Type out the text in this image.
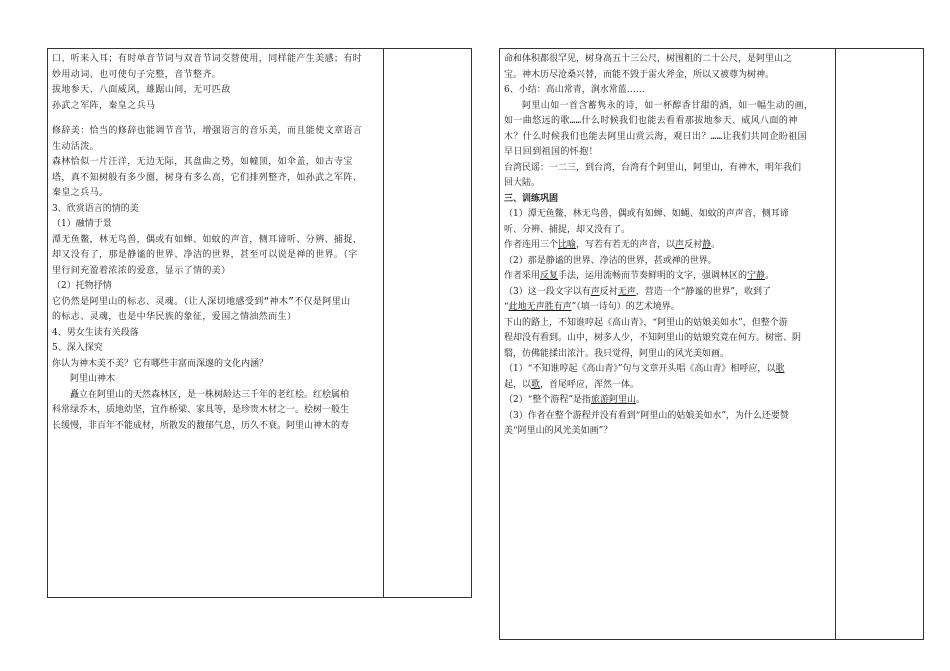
口、听来入耳；有时单音节词与双音节词交替使用，同样能产生美感；有时

妙用动词、也可使句子完整，音节整齐。

拔地参天、八面威风，雄踞山间，无可匹敌

孙武之军阵，秦皇之兵马

修辞美：恰当的修辞也能调节音节，增强语言的音乐美，而且能使文章语言

生动活泼。

森林恰似一片汪洋，无边无际，其盘曲之势，如幢顶，如伞盖，如古寺宝

塔，真不知树般有多少圈，树身有多么高，它们排列整齐，如孙武之军阵、

秦皇之兵马。

3、欣赏语言的情的美

（1）融情于景

潭无鱼鳖，林无鸟兽，偶或有如蝉、如蚊的声音，侧耳谛听、分辨、捕捉，

却又没有了，那是静谧的世界、净洁的世界，甚至可以说是禅的世界。（字

里行间充盈着浓浓的爱意，显示了情的美）

（2）托物抒情

它仍然是阿里山的标志、灵魂。（让人深切地感受到“神木”不仅是阿里山

的标志、灵魂，也是中华民族的象征，爱国之情油然而生）

4、男女生读有关段落

5、深入探究

你认为神木美不美？它有哪些丰富而深邃的文化内涵？

阿里山神木

矗立在阿里山的天然森林区，是一株树龄达三千年的老红桧。红桧属柏

科常绿乔木，质地幼坚，宜作桥梁、家具等，是珍贵木材之一。桧树一般生

长缓慢，非百年不能成材，所散发的馥郁气息，历久不衰。阿里山神木的寿

命和体积都很罕见，树身高五十三公尺，树围粗的二十公尺，是阿里山之

宝。神木历尽沧桑兴替，而能不毁于雷火斧金，所以又被尊为树神。

6、小结：高山常青，涧水常蓝……

阿里山如一首含蓄隽永的诗，如一杯醇香甘甜的酒，如一幅生动的画，

如一曲悠远的歌……什么时候我们也能去看看那拔地参天、威风八面的神

木？什么时候我们也能去阿里山赏云海，观日出？……让我们共同企盼祖国

早日回到祖国的怀抱！

台湾民谣：一二三，到台湾，台湾有个阿里山，阿里山，有神木，明年我们

回大陆。

三、训练巩固

（1）潭无鱼鳖，林无鸟兽，偶或有如蝉、如蝇、如蚊的声声音，侧耳谛

听、分辨、捕捉，却又没有了。

作者连用三个比喻，写若有若无的声音，以声反衬静。

（2）那是静谧的世界、净洁的世界，甚或禅的世界。

作者采用反复手法，运用流畅而节奏鲜明的文字，强调林区的宁静。

（3）这一段文字以有声反衬无声，营造一个“静谧的世界”，收到了

“此地无声胜有声”（填一诗句）的艺术境界。

下山的路上，不知谁哼起《高山青》，“阿里山的姑娘美如水”，但整个游

程却没有看到。山中，树多人少，不知阿里山的姑娘究竟在何方。树密、阴

翳，仿佛能揉出浓汁。我只觉得，阿里山的风光美如画。

（1）“不知谁哼起《高山青》”句与文章开头唱《高山青》相呼应，以歌

起，以歌，首尾呼应，浑然一体。

（2）“整个游程”是指旅游阿里山。

（3）作者在整个游程并没有看到“阿里山的姑娘美如水”，为什么还要赞

美“阿里山的风光美如画”？
